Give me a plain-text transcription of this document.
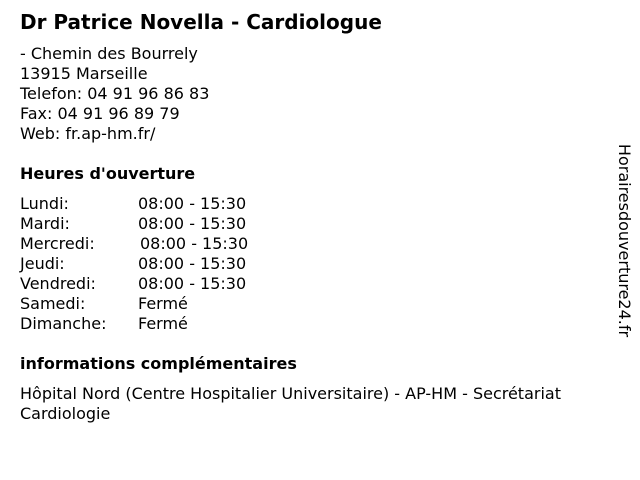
Dr Patrice Novella - Cardiologue
- Chemin des Bourrely
13915 Marseille
Telefon: 04 91 96 86 83
Fax: 04 91 96 89 79
Web: fr.ap-hm.fr/
Heures d'ouverture
Lundi:	08:00 - 15:30
Mardi:	08:00 - 15:30
Mercredi:	08:00 - 15:30
Jeudi:	08:00 - 15:30
Vendredi:	08:00 - 15:30
Samedi:	Fermé
Dimanche: Fermé
informations complémentaires
Hôpital Nord (Centre Hospitalier Universitaire) - AP-HM - Secrétariat Cardiologie
Horairesdouverture24.fr
